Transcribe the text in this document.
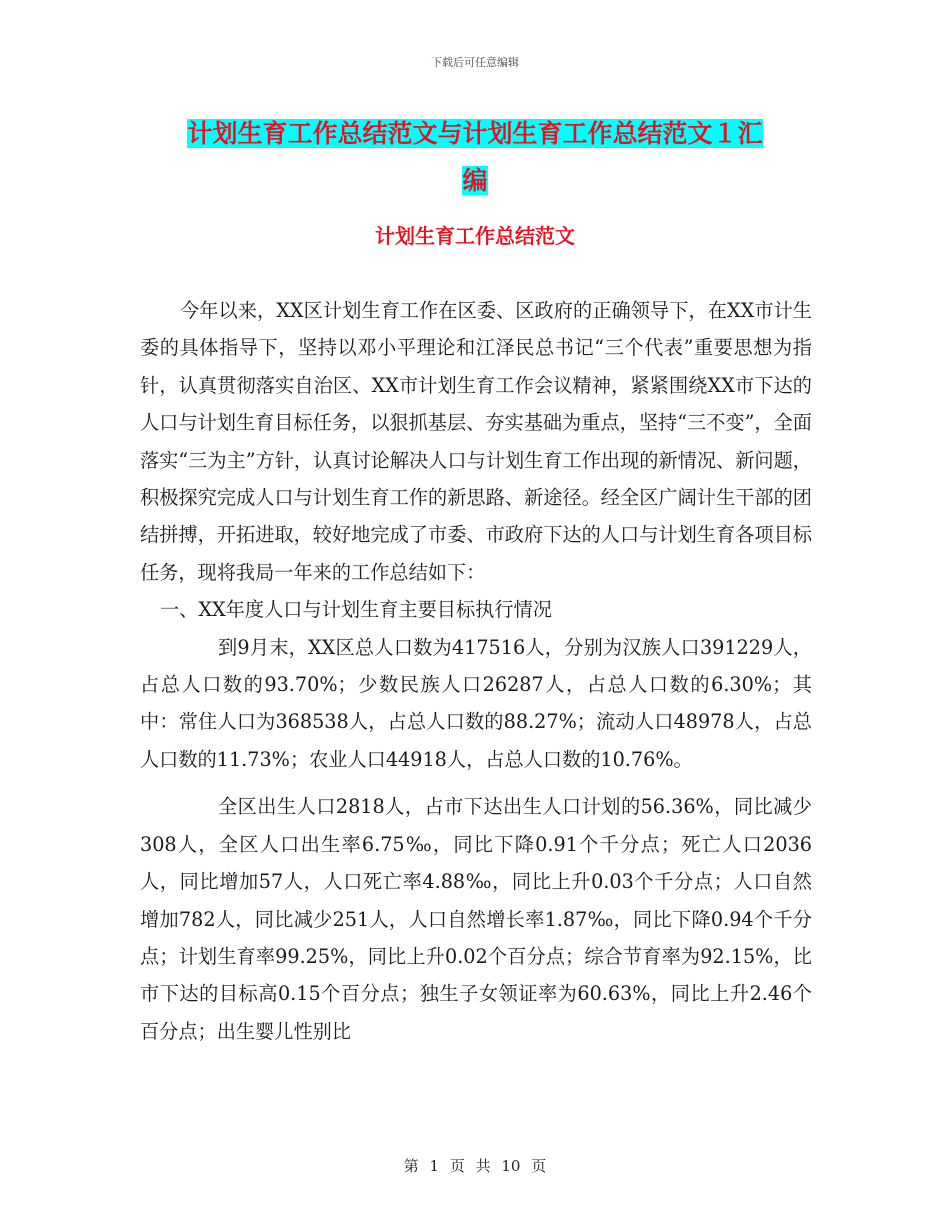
下载后可任意编辑
计划生育工作总结范文与计划生育工作总结范文１汇
编
计划生育工作总结范文

今年以来，XX区计划生育工作在区委、区政府的正确领导下，在XX市计生委的具体指导下，坚持以邓小平理论和江泽民总书记“三个代表”重要思想为指针，认真贯彻落实自治区、XX市计划生育工作会议精神，紧紧围绕XX市下达的人口与计划生育目标任务，以狠抓基层、夯实基础为重点，坚持“三不变”，全面落实“三为主”方针，认真讨论解决人口与计划生育工作出现的新情况、新问题，积极探究完成人口与计划生育工作的新思路、新途径。经全区广阔计生干部的团结拼搏，开拓进取，较好地完成了市委、市政府下达的人口与计划生育各项目标任务，现将我局一年来的工作总结如下：

一、XX年度人口与计划生育主要目标执行情况

到9月末，XX区总人口数为417516人，分别为汉族人口391229人，占总人口数的93.70%；少数民族人口26287人，占总人口数的6.30%；其中：常住人口为368538人，占总人口数的88.27%；流动人口48978人，占总人口数的11.73%；农业人口44918人，占总人口数的10.76%。

全区出生人口2818人，占市下达出生人口计划的56.36%，同比减少308人，全区人口出生率6.75‰，同比下降0.91个千分点；死亡人口2036人，同比增加57人，人口死亡率4.88‰，同比上升0.03个千分点；人口自然增加782人，同比减少251人，人口自然增长率1.87‰，同比下降0.94个千分点；计划生育率99.25%，同比上升0.02个百分点；综合节育率为92.15%，比市下达的目标高0.15个百分点；独生子女领证率为60.63%，同比上升2.46个百分点；出生婴儿性别比

第 1 页 共 10 页
